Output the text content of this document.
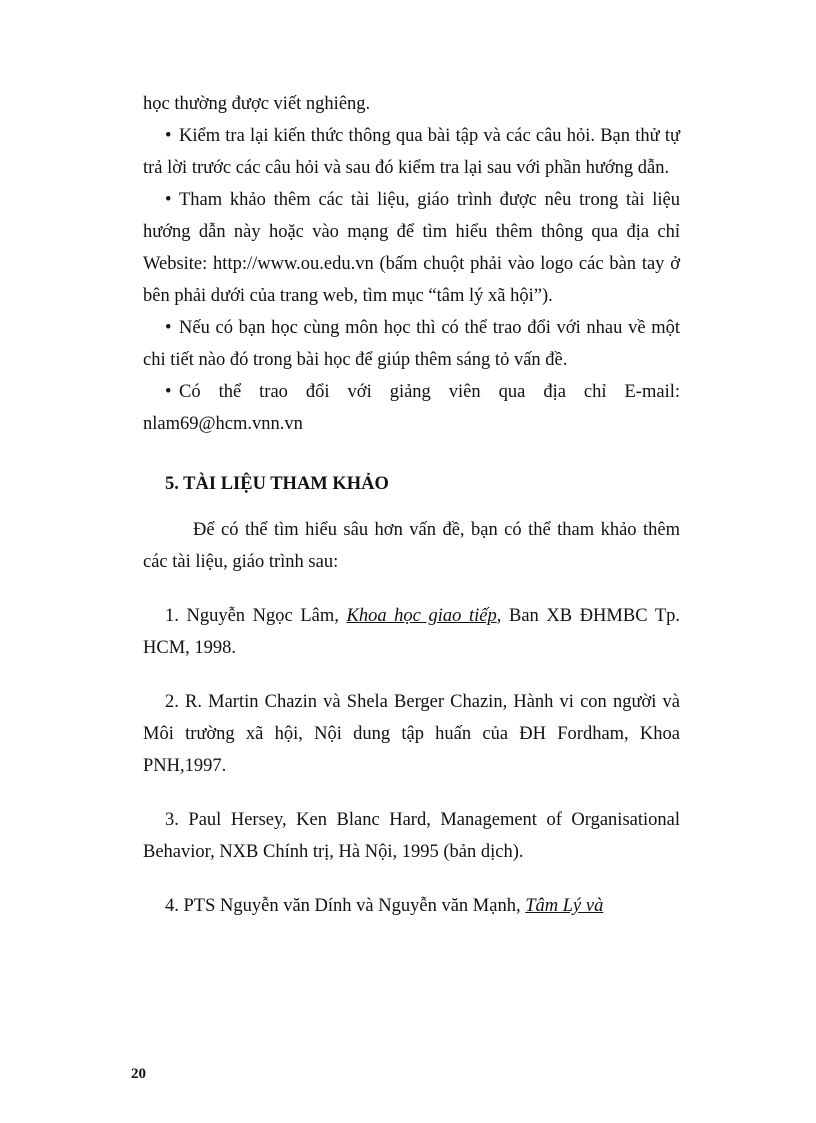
học thường được viết nghiêng.

• Kiểm tra lại kiến thức thông qua bài tập và các câu hỏi. Bạn thử tự trả lời trước các câu hỏi và sau đó kiểm tra lại sau với phần hướng dẫn.

• Tham khảo thêm các tài liệu, giáo trình được nêu trong tài liệu hướng dẫn này hoặc vào mạng để tìm hiểu thêm thông qua địa chỉ Website: http://www.ou.edu.vn (bấm chuột phải vào logo các bàn tay ở bên phải dưới của trang web, tìm mục “tâm lý xã hội”).

• Nếu có bạn học cùng môn học thì có thể trao đổi với nhau về một chi tiết nào đó trong bài học để giúp thêm sáng tỏ vấn đề.

• Có thể trao đổi với giảng viên qua địa chỉ E-mail: nlam69@hcm.vnn.vn

5. TÀI LIỆU THAM KHẢO

Để có thể tìm hiểu sâu hơn vấn đề, bạn có thể tham khảo thêm các tài liệu, giáo trình sau:

1. Nguyễn Ngọc Lâm, Khoa học giao tiếp, Ban XB ĐHMBC Tp. HCM, 1998.

2. R. Martin Chazin và Shela Berger Chazin, Hành vi con người và Môi trường xã hội, Nội dung tập huấn của ĐH Fordham, Khoa PNH,1997.

3. Paul Hersey, Ken Blanc Hard, Management of Organisational Behavior, NXB Chính trị, Hà Nội, 1995 (bản dịch).

4. PTS Nguyễn văn Dính và Nguyễn văn Mạnh, Tâm Lý và

20
